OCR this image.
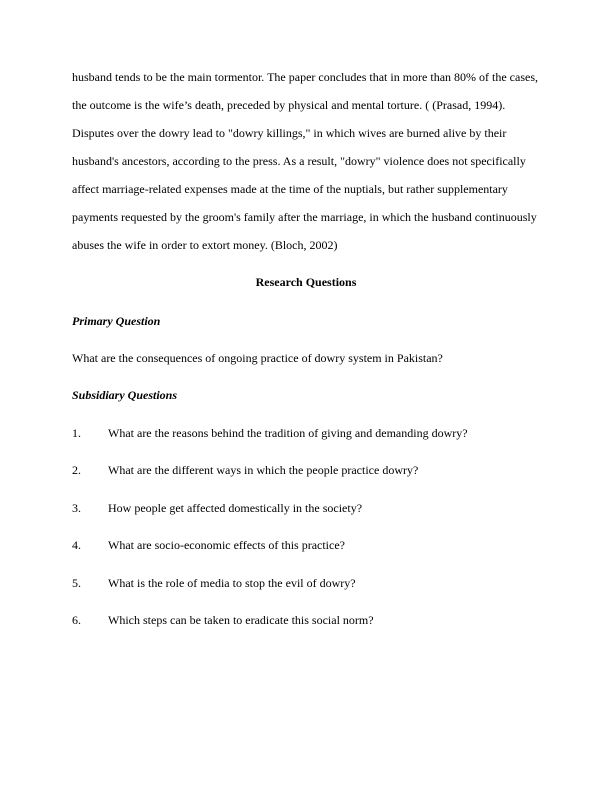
husband tends to be the main tormentor. The paper concludes that in more than 80% of the cases,
the outcome is the wife’s death, preceded by physical and mental torture. ( (Prasad, 1994).
Disputes over the dowry lead to "dowry killings," in which wives are burned alive by their
husband's ancestors, according to the press. As a result, "dowry" violence does not specifically
affect marriage-related expenses made at the time of the nuptials, but rather supplementary
payments requested by the groom's family after the marriage, in which the husband continuously
abuses the wife in order to extort money. (Bloch, 2002)
Research Questions
Primary Question
What are the consequences of ongoing practice of dowry system in Pakistan?
Subsidiary Questions
1. What are the reasons behind the tradition of giving and demanding dowry?
2. What are the different ways in which the people practice dowry?
3. How people get affected domestically in the society?
4. What are socio-economic effects of this practice?
5. What is the role of media to stop the evil of dowry?
6. Which steps can be taken to eradicate this social norm?
